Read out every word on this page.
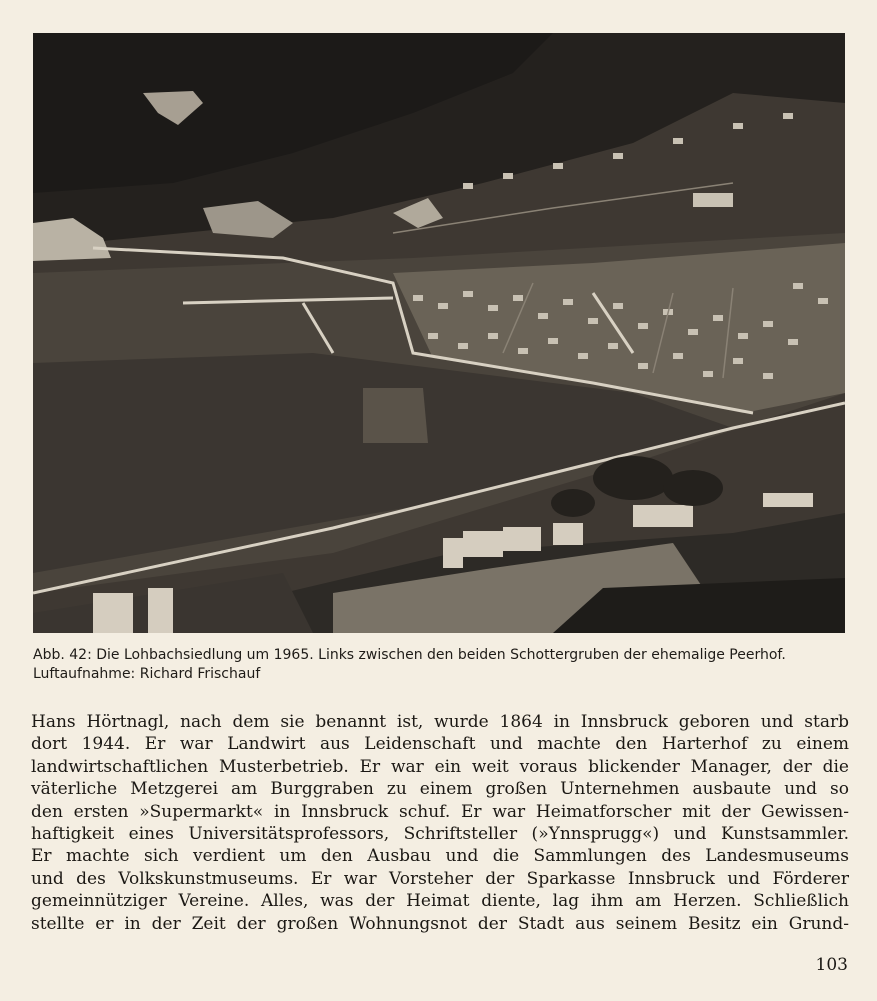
Abb. 42: Die Lohbachsiedlung um 1965. Links zwischen den beiden Schottergruben der ehemalige Peerhof.
Luftaufnahme: Richard Frischauf
Hans Hörtnagl, nach dem sie benannt ist, wurde 1864 in Innsbruck geboren und starb
dort 1944. Er war Landwirt aus Leidenschaft und machte den Harterhof zu einem
landwirtschaftlichen Musterbetrieb. Er war ein weit voraus blickender Manager, der die
väterliche Metzgerei am Burggraben zu einem großen Unternehmen ausbaute und so
den ersten »Supermarkt« in Innsbruck schuf. Er war Heimatforscher mit der Gewissen-
haftigkeit eines Universitätsprofessors, Schriftsteller (»Ynnsprugg«) und Kunstsammler.
Er machte sich verdient um den Ausbau und die Sammlungen des Landesmuseums
und des Volkskunstmuseums. Er war Vorsteher der Sparkasse Innsbruck und Förderer
gemeinnütziger Vereine. Alles, was der Heimat diente, lag ihm am Herzen. Schließlich
stellte er in der Zeit der großen Wohnungsnot der Stadt aus seinem Besitz ein Grund-
103
